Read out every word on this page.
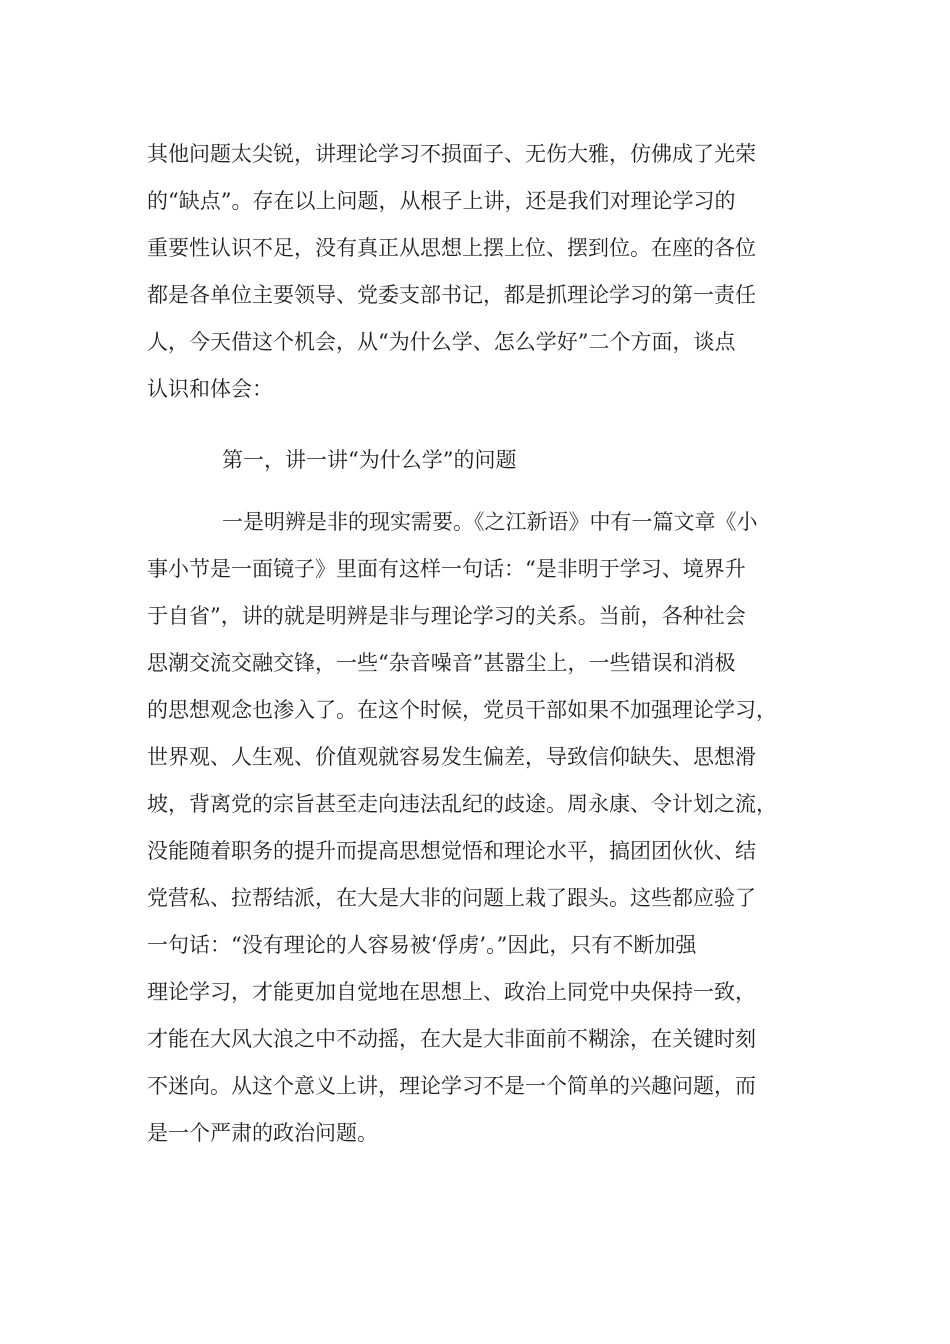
其他问题太尖锐，讲理论学习不损面子、无伤大雅，仿佛成了光荣
的“缺点”。存在以上问题，从根子上讲，还是我们对理论学习的
重要性认识不足，没有真正从思想上摆上位、摆到位。在座的各位
都是各单位主要领导、党委支部书记，都是抓理论学习的第一责任
人，今天借这个机会，从“为什么学、怎么学好”二个方面，谈点
认识和体会：
第一，讲一讲“为什么学”的问题
一是明辨是非的现实需要。《之江新语》中有一篇文章《小
事小节是一面镜子》里面有这样一句话：“是非明于学习、境界升
于自省”，讲的就是明辨是非与理论学习的关系。当前，各种社会
思潮交流交融交锋，一些“杂音噪音”甚嚣尘上，一些错误和消极
的思想观念也渗入了。在这个时候，党员干部如果不加强理论学习，
世界观、人生观、价值观就容易发生偏差，导致信仰缺失、思想滑
坡，背离党的宗旨甚至走向违法乱纪的歧途。周永康、令计划之流，
没能随着职务的提升而提高思想觉悟和理论水平，搞团团伙伙、结
党营私、拉帮结派，在大是大非的问题上栽了跟头。这些都应验了
一句话：“没有理论的人容易被‘俘虏’。”因此，只有不断加强
理论学习，才能更加自觉地在思想上、政治上同党中央保持一致，
才能在大风大浪之中不动摇，在大是大非面前不糊涂，在关键时刻
不迷向。从这个意义上讲，理论学习不是一个简单的兴趣问题，而
是一个严肃的政治问题。
